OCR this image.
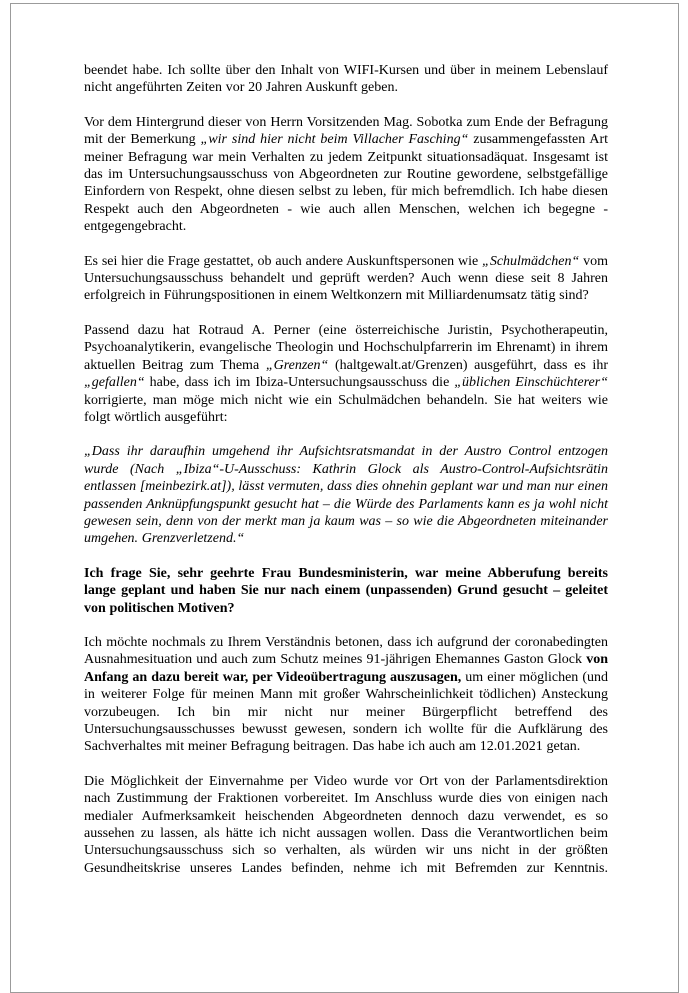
beendet habe. Ich sollte über den Inhalt von WIFI-Kursen und über in meinem Lebenslauf nicht angeführten Zeiten vor 20 Jahren Auskunft geben.

Vor dem Hintergrund dieser von Herrn Vorsitzenden Mag. Sobotka zum Ende der Befragung mit der Bemerkung „wir sind hier nicht beim Villacher Fasching“ zusammengefassten Art meiner Befragung war mein Verhalten zu jedem Zeitpunkt situationsadäquat. Insgesamt ist das im Untersuchungsausschuss von Abgeordneten zur Routine gewordene, selbstgefällige Einfordern von Respekt, ohne diesen selbst zu leben, für mich befremdlich. Ich habe diesen Respekt auch den Abgeordneten - wie auch allen Menschen, welchen ich begegne - entgegengebracht.

Es sei hier die Frage gestattet, ob auch andere Auskunftspersonen wie „Schulmädchen“ vom Untersuchungsausschuss behandelt und geprüft werden? Auch wenn diese seit 8 Jahren erfolgreich in Führungspositionen in einem Weltkonzern mit Milliardenumsatz tätig sind?

Passend dazu hat Rotraud A. Perner (eine österreichische Juristin, Psychotherapeutin, Psychoanalytikerin, evangelische Theologin und Hochschulpfarrerin im Ehrenamt) in ihrem aktuellen Beitrag zum Thema „Grenzen“ (haltgewalt.at/Grenzen) ausgeführt, dass es ihr „gefallen“ habe, dass ich im Ibiza-Untersuchungsausschuss die „üblichen Einschüchterer“ korrigierte, man möge mich nicht wie ein Schulmädchen behandeln. Sie hat weiters wie folgt wörtlich ausgeführt:

„Dass ihr daraufhin umgehend ihr Aufsichtsratsmandat in der Austro Control entzogen wurde (Nach „Ibiza“-U-Ausschuss: Kathrin Glock als Austro-Control-Aufsichtsrätin entlassen [meinbezirk.at]), lässt vermuten, dass dies ohnehin geplant war und man nur einen passenden Anknüpfungspunkt gesucht hat – die Würde des Parlaments kann es ja wohl nicht gewesen sein, denn von der merkt man ja kaum was – so wie die Abgeordneten miteinander umgehen. Grenzverletzend.“

Ich frage Sie, sehr geehrte Frau Bundesministerin, war meine Abberufung bereits lange geplant und haben Sie nur nach einem (unpassenden) Grund gesucht – geleitet von politischen Motiven?

Ich möchte nochmals zu Ihrem Verständnis betonen, dass ich aufgrund der coronabedingten Ausnahmesituation und auch zum Schutz meines 91-jährigen Ehemannes Gaston Glock von Anfang an dazu bereit war, per Videoübertragung auszusagen, um einer möglichen (und in weiterer Folge für meinen Mann mit großer Wahrscheinlichkeit tödlichen) Ansteckung vorzubeugen. Ich bin mir nicht nur meiner Bürgerpflicht betreffend des Untersuchungsausschusses bewusst gewesen, sondern ich wollte für die Aufklärung des Sachverhaltes mit meiner Befragung beitragen. Das habe ich auch am 12.01.2021 getan.

Die Möglichkeit der Einvernahme per Video wurde vor Ort von der Parlamentsdirektion nach Zustimmung der Fraktionen vorbereitet. Im Anschluss wurde dies von einigen nach medialer Aufmerksamkeit heischenden Abgeordneten dennoch dazu verwendet, es so aussehen zu lassen, als hätte ich nicht aussagen wollen. Dass die Verantwortlichen beim Untersuchungsausschuss sich so verhalten, als würden wir uns nicht in der größten Gesundheitskrise unseres Landes befinden, nehme ich mit Befremden zur Kenntnis.
